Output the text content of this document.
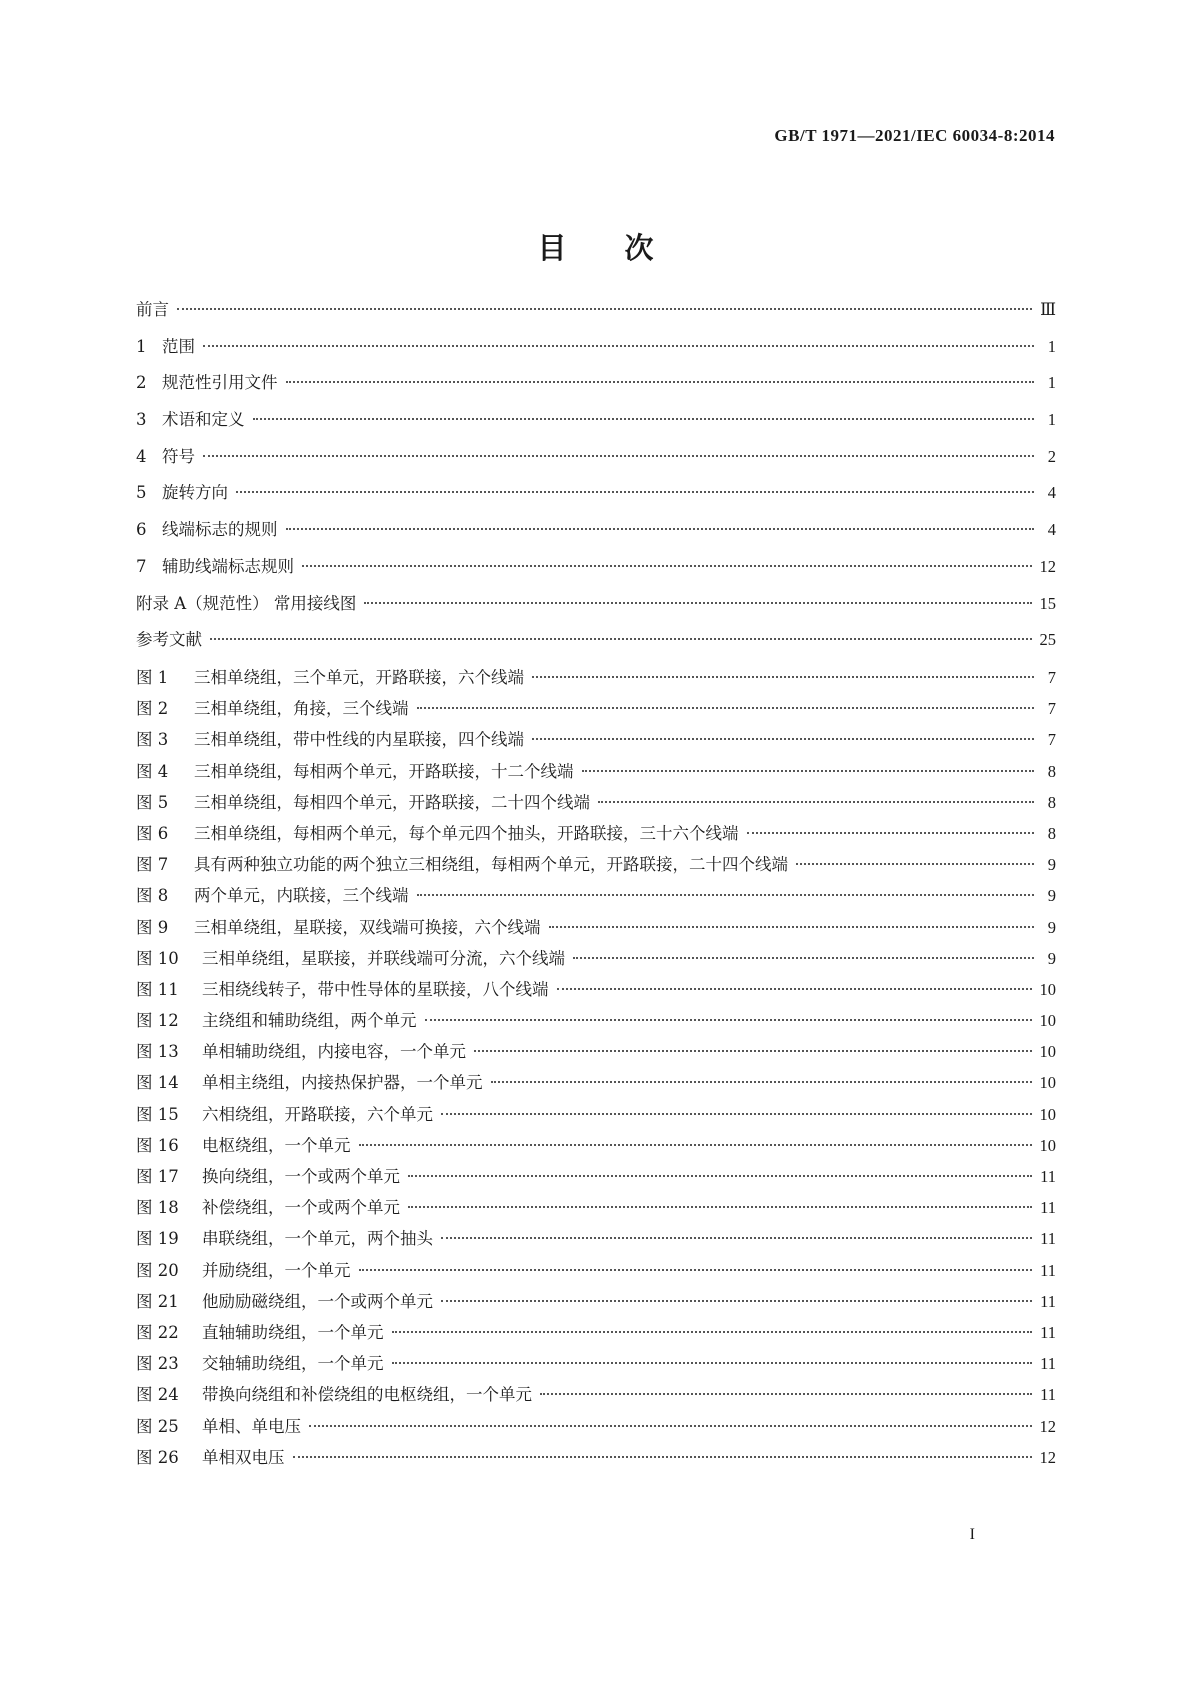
GB/T 1971—2021/IEC 60034-8:2014
目次
前言	Ⅲ
1 范围	1
2 规范性引用文件	1
3 术语和定义	1
4 符号	2
5 旋转方向	4
6 线端标志的规则	4
7 辅助线端标志规则	12
附录 A（规范性） 常用接线图	15
参考文献	25
图 1	三相单绕组，三个单元，开路联接，六个线端	7
图 2	三相单绕组，角接，三个线端	7
图 3	三相单绕组，带中性线的内星联接，四个线端	7
图 4	三相单绕组，每相两个单元，开路联接，十二个线端	8
图 5	三相单绕组，每相四个单元，开路联接，二十四个线端	8
图 6	三相单绕组，每相两个单元，每个单元四个抽头，开路联接，三十六个线端	8
图 7	具有两种独立功能的两个独立三相绕组，每相两个单元，开路联接，二十四个线端	9
图 8	两个单元，内联接，三个线端	9
图 9	三相单绕组，星联接，双线端可换接，六个线端	9
图 10	三相单绕组，星联接，并联线端可分流，六个线端	9
图 11	三相绕线转子，带中性导体的星联接，八个线端	10
图 12	主绕组和辅助绕组，两个单元	10
图 13	单相辅助绕组，内接电容，一个单元	10
图 14	单相主绕组，内接热保护器，一个单元	10
图 15	六相绕组，开路联接，六个单元	10
图 16	电枢绕组，一个单元	10
图 17	换向绕组，一个或两个单元	11
图 18	补偿绕组，一个或两个单元	11
图 19	串联绕组，一个单元，两个抽头	11
图 20	并励绕组，一个单元	11
图 21	他励励磁绕组，一个或两个单元	11
图 22	直轴辅助绕组，一个单元	11
图 23	交轴辅助绕组，一个单元	11
图 24	带换向绕组和补偿绕组的电枢绕组，一个单元	11
图 25	单相、单电压	12
图 26	单相双电压	12
I
